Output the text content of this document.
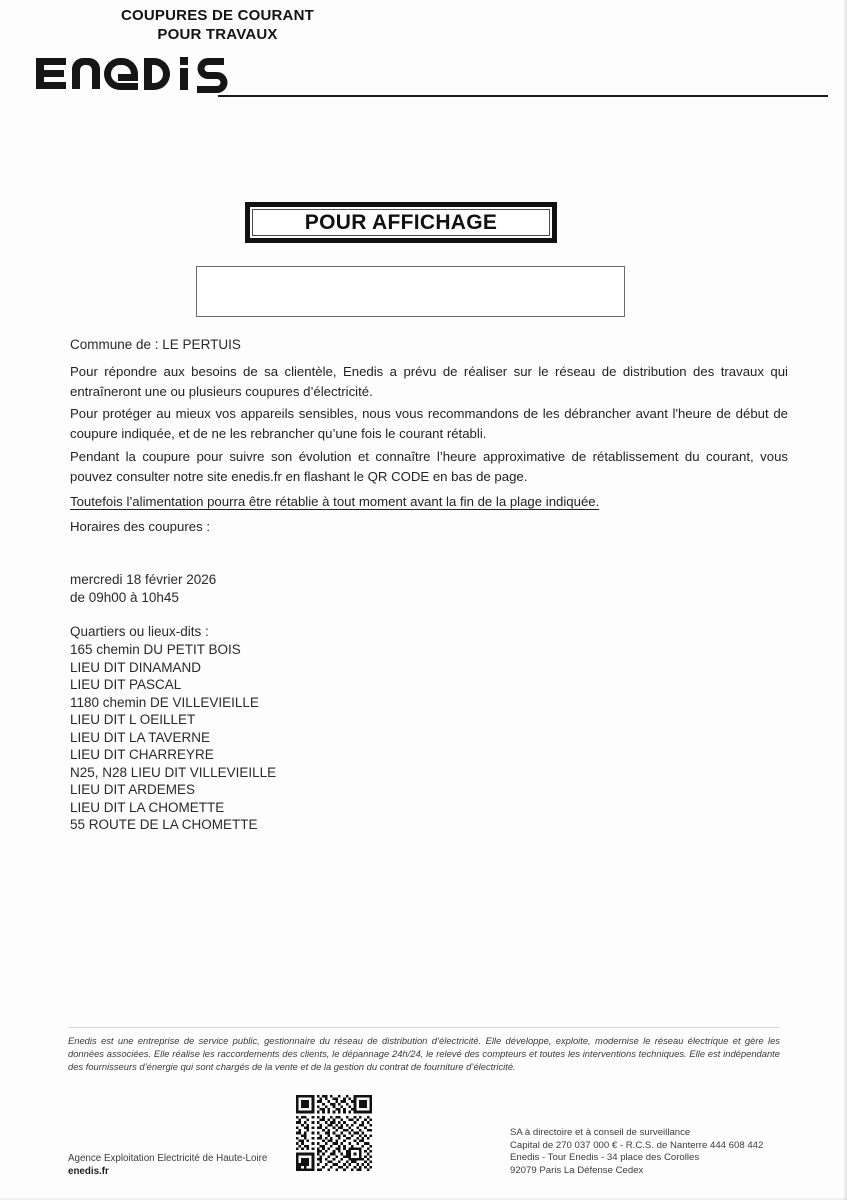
POUR AFFICHAGE
COUPURES DE COURANT
POUR TRAVAUX
Commune de : LE PERTUIS
Pour répondre aux besoins de sa clientèle, Enedis a prévu de réaliser sur le réseau de distribution des travaux qui entraîneront une ou plusieurs coupures d’électricité.
Pour protéger au mieux vos appareils sensibles, nous vous recommandons de les débrancher avant l'heure de début de coupure indiquée, et de ne les rebrancher qu’une fois le courant rétabli.
Pendant la coupure pour suivre son évolution et connaître l’heure approximative de rétablissement du courant, vous pouvez consulter notre site enedis.fr en flashant le QR CODE en bas de page.
Toutefois l’alimentation pourra être rétablie à tout moment avant la fin de la plage indiquée.
Horaires des coupures :
mercredi 18 février 2026
de 09h00 à 10h45
Quartiers ou lieux-dits :
165 chemin DU PETIT BOIS
LIEU DIT DINAMAND
LIEU DIT PASCAL
1180 chemin DE VILLEVIEILLE
LIEU DIT L OEILLET
LIEU DIT LA TAVERNE
LIEU DIT CHARREYRE
N25, N28 LIEU DIT VILLEVIEILLE
LIEU DIT ARDEMES
LIEU DIT LA CHOMETTE
55 ROUTE DE LA CHOMETTE
Enedis est une entreprise de service public, gestionnaire du réseau de distribution d’électricité. Elle développe, exploite, modernise le réseau électrique et gère les données associées. Elle réalise les raccordements des clients, le dépannage 24h/24, le relevé des compteurs et toutes les interventions techniques. Elle est indépendante des fournisseurs d’énergie qui sont chargés de la vente et de la gestion du contrat de fourniture d’électricité.
SA à directoire et à conseil de surveillance
Capital de 270 037 000 € - R.C.S. de Nanterre 444 608 442
Enedis - Tour Enedis - 34 place des Corolles
92079 Paris La Défense Cedex
Agence Exploitation Electricité de Haute-Loire
enedis.fr
